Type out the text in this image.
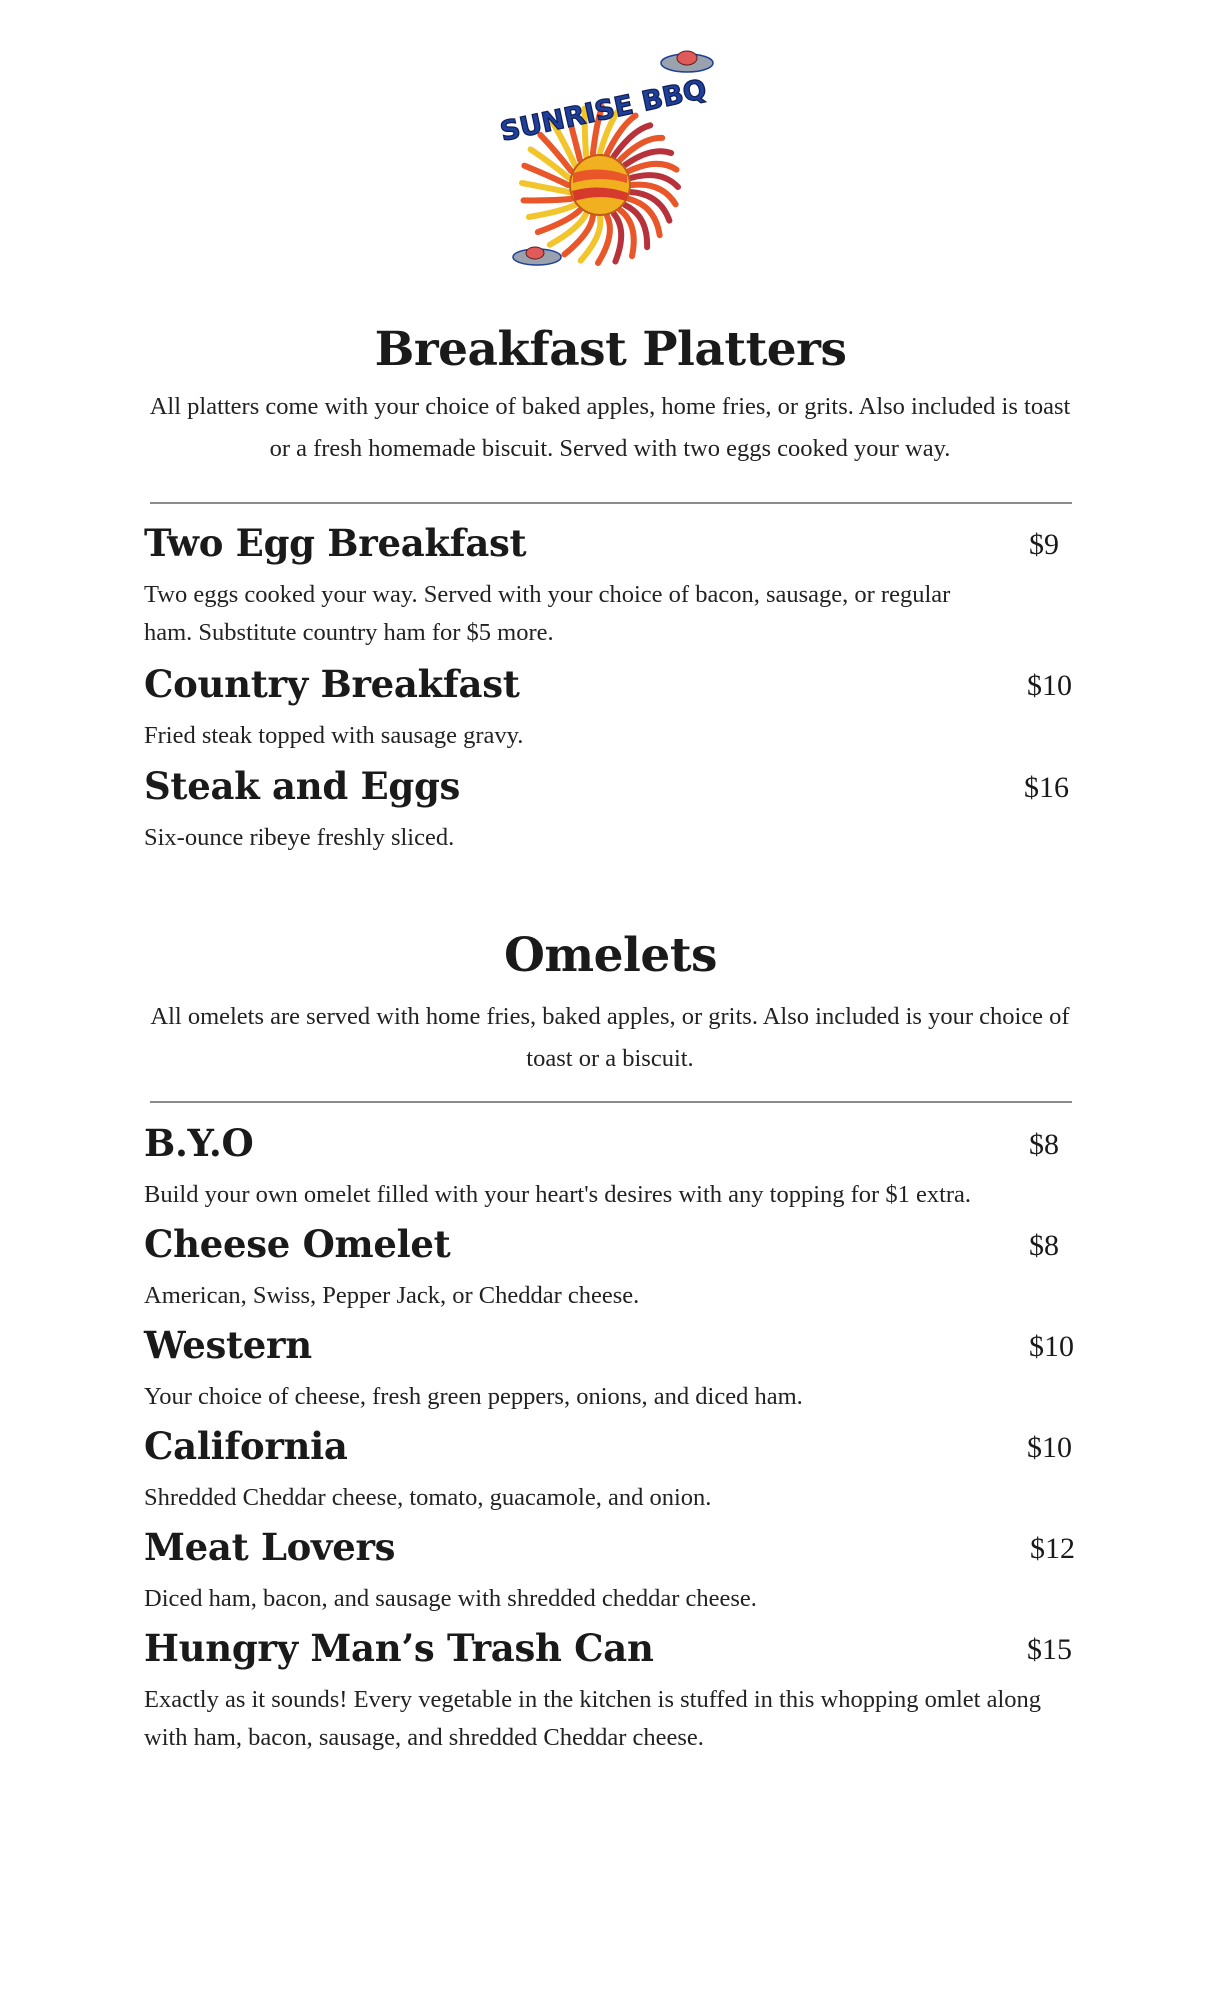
SUNRISE BBQ
Breakfast Platters

All platters come with your choice of baked apples, home fries, or grits. Also included is toast or a fresh homemade biscuit. Served with two eggs cooked your way.

Two Egg Breakfast	$9
Two eggs cooked your way. Served with your choice of bacon, sausage, or regular ham. Substitute country ham for $5 more.
Country Breakfast	$10
Fried steak topped with sausage gravy.
Steak and Eggs	$16
Six-ounce ribeye freshly sliced.
Omelets

All omelets are served with home fries, baked apples, or grits. Also included is your choice of toast or a biscuit.

B.Y.O	$8
Build your own omelet filled with your heart's desires with any topping for $1 extra.
Cheese Omelet	$8
American, Swiss, Pepper Jack, or Cheddar cheese.
Western	$10
Your choice of cheese, fresh green peppers, onions, and diced ham.
California	$10
Shredded Cheddar cheese, tomato, guacamole, and onion.
Meat Lovers	$12
Diced ham, bacon, and sausage with shredded cheddar cheese.
Hungry Man’s Trash Can	$15
Exactly as it sounds! Every vegetable in the kitchen is stuffed in this whopping omlet along with ham, bacon, sausage, and shredded Cheddar cheese.
